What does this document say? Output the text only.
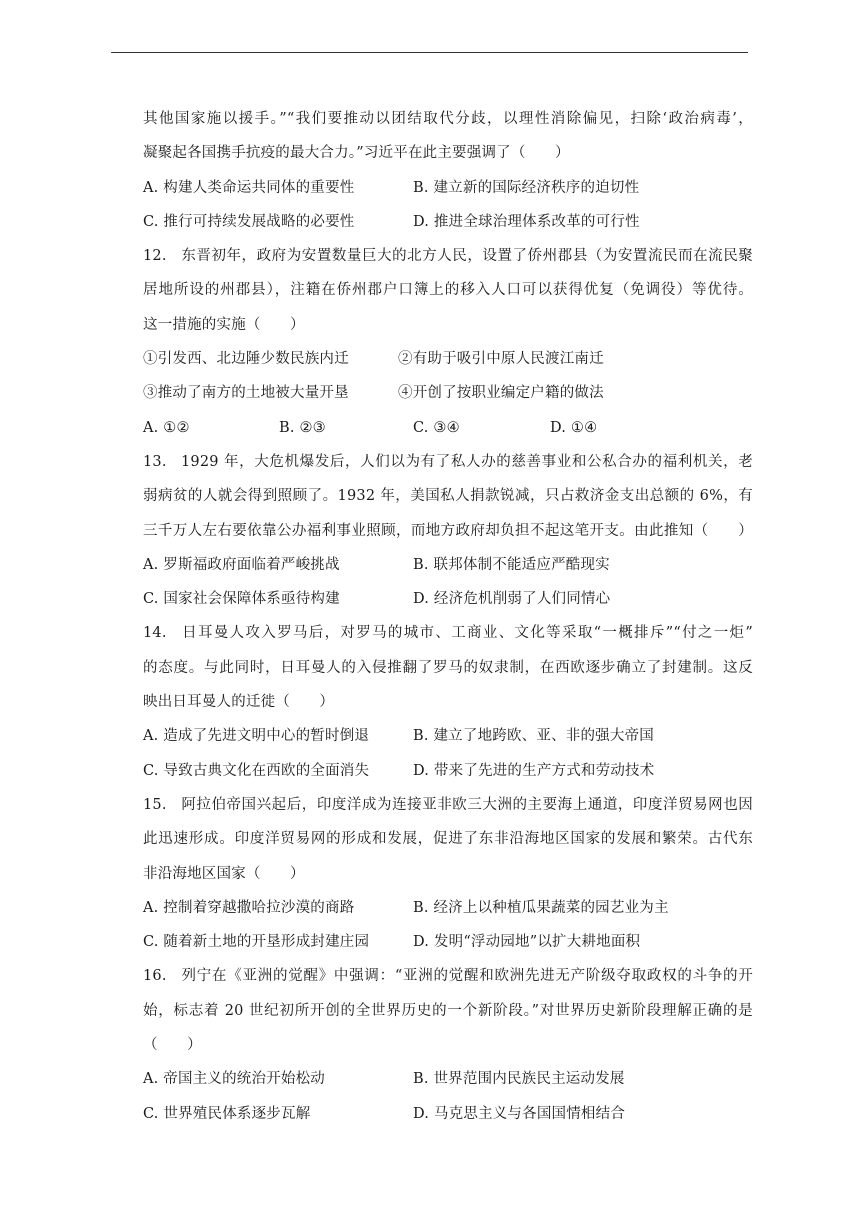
其他国家施以援手。”“我们要推动以团结取代分歧，以理性消除偏见，扫除‘政治病毒’，
凝聚起各国携手抗疫的最大合力。”习近平在此主要强调了（　　）
A. 构建人类命运共同体的重要性	B. 建立新的国际经济秩序的迫切性
C. 推行可持续发展战略的必要性	D. 推进全球治理体系改革的可行性
12. 东晋初年，政府为安置数量巨大的北方人民，设置了侨州郡县（为安置流民而在流民聚
居地所设的州郡县），注籍在侨州郡户口簿上的移入人口可以获得优复（免调役）等优待。
这一措施的实施（　　）
①引发西、北边陲少数民族内迁	②有助于吸引中原人民渡江南迁
③推动了南方的土地被大量开垦	④开创了按职业编定户籍的做法
A. ①②	B. ②③	C. ③④	D. ①④
13. 1929 年，大危机爆发后，人们以为有了私人办的慈善事业和公私合办的福利机关，老
弱病贫的人就会得到照顾了。1932 年，美国私人捐款锐减，只占救济金支出总额的 6%，有
三千万人左右要依靠公办福利事业照顾，而地方政府却负担不起这笔开支。由此推知（　　）
A. 罗斯福政府面临着严峻挑战	B. 联邦体制不能适应严酷现实
C. 国家社会保障体系亟待构建	D. 经济危机削弱了人们同情心
14. 日耳曼人攻入罗马后，对罗马的城市、工商业、文化等采取“一概排斥”“付之一炬”
的态度。与此同时，日耳曼人的入侵推翻了罗马的奴隶制，在西欧逐步确立了封建制。这反
映出日耳曼人的迁徙（　　）
A. 造成了先进文明中心的暂时倒退	B. 建立了地跨欧、亚、非的强大帝国
C. 导致古典文化在西欧的全面消失	D. 带来了先进的生产方式和劳动技术
15. 阿拉伯帝国兴起后，印度洋成为连接亚非欧三大洲的主要海上通道，印度洋贸易网也因
此迅速形成。印度洋贸易网的形成和发展，促进了东非沿海地区国家的发展和繁荣。古代东
非沿海地区国家（　　）
A. 控制着穿越撒哈拉沙漠的商路	B. 经济上以种植瓜果蔬菜的园艺业为主
C. 随着新土地的开垦形成封建庄园	D. 发明“浮动园地”以扩大耕地面积
16. 列宁在《亚洲的觉醒》中强调：“亚洲的觉醒和欧洲先进无产阶级夺取政权的斗争的开
始，标志着 20 世纪初所开创的全世界历史的一个新阶段。”对世界历史新阶段理解正确的是
（　　）
A. 帝国主义的统治开始松动	B. 世界范围内民族民主运动发展
C. 世界殖民体系逐步瓦解	D. 马克思主义与各国国情相结合
